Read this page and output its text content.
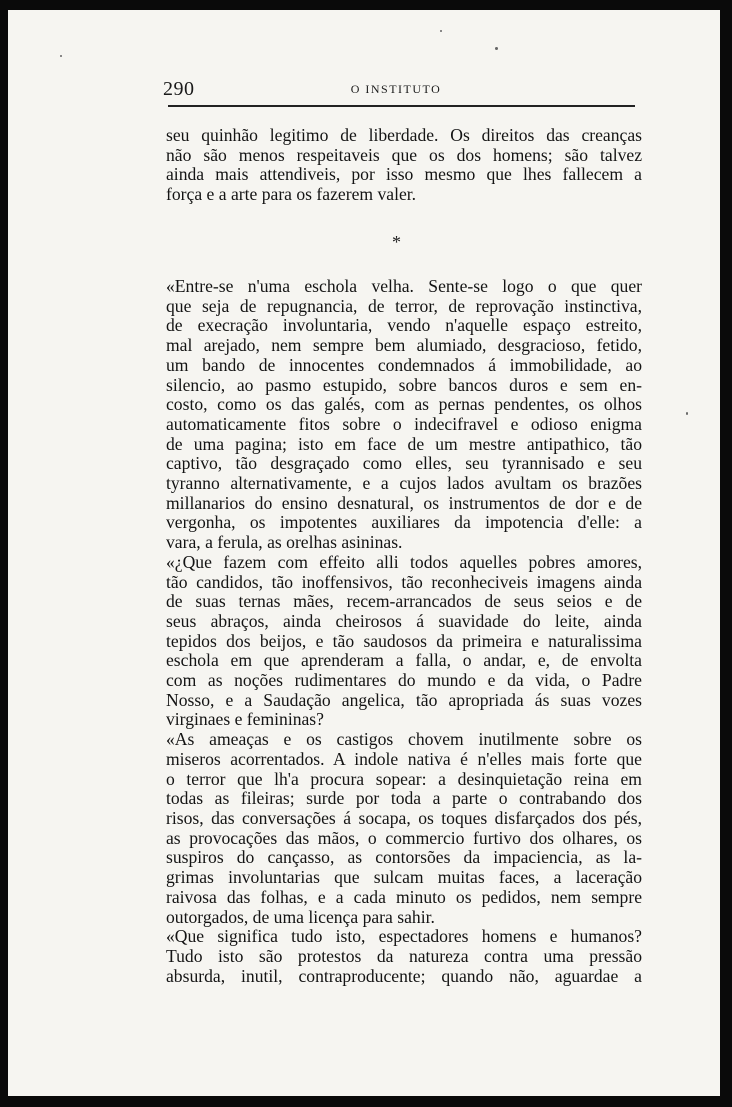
290	O INSTITUTO
seu quinhão legitimo de liberdade. Os direitos das creanças
não são menos respeitaveis que os dos homens; são talvez
ainda mais attendiveis, por isso mesmo que lhes fallecem a
força e a arte para os fazerem valer.
*
«Entre-se n'uma eschola velha. Sente-se logo o que quer
que seja de repugnancia, de terror, de reprovação instinctiva,
de execração involuntaria, vendo n'aquelle espaço estreito,
mal arejado, nem sempre bem alumiado, desgracioso, fetido,
um bando de innocentes condemnados á immobilidade, ao
silencio, ao pasmo estupido, sobre bancos duros e sem en-
costo, como os das galés, com as pernas pendentes, os olhos
automaticamente fitos sobre o indecifravel e odioso enigma
de uma pagina; isto em face de um mestre antipathico, tão
captivo, tão desgraçado como elles, seu tyrannisado e seu
tyranno alternativamente, e a cujos lados avultam os brazões
millanarios do ensino desnatural, os instrumentos de dor e de
vergonha, os impotentes auxiliares da impotencia d'elle: a
vara, a ferula, as orelhas asininas.
«¿Que fazem com effeito alli todos aquelles pobres amores,
tão candidos, tão inoffensivos, tão reconheciveis imagens ainda
de suas ternas mães, recem-arrancados de seus seios e de
seus abraços, ainda cheirosos á suavidade do leite, ainda
tepidos dos beijos, e tão saudosos da primeira e naturalissima
eschola em que aprenderam a falla, o andar, e, de envolta
com as noções rudimentares do mundo e da vida, o Padre
Nosso, e a Saudação angelica, tão apropriada ás suas vozes
virginaes e femininas?
«As ameaças e os castigos chovem inutilmente sobre os
miseros acorrentados. A indole nativa é n'elles mais forte que
o terror que lh'a procura sopear: a desinquietação reina em
todas as fileiras; surde por toda a parte o contrabando dos
risos, das conversações á socapa, os toques disfarçados dos pés,
as provocações das mãos, o commercio furtivo dos olhares, os
suspiros do cançasso, as contorsões da impaciencia, as la-
grimas involuntarias que sulcam muitas faces, a laceração
raivosa das folhas, e a cada minuto os pedidos, nem sempre
outorgados, de uma licença para sahir.
«Que significa tudo isto, espectadores homens e humanos?
Tudo isto são protestos da natureza contra uma pressão
absurda, inutil, contraproducente; quando não, aguardae a
